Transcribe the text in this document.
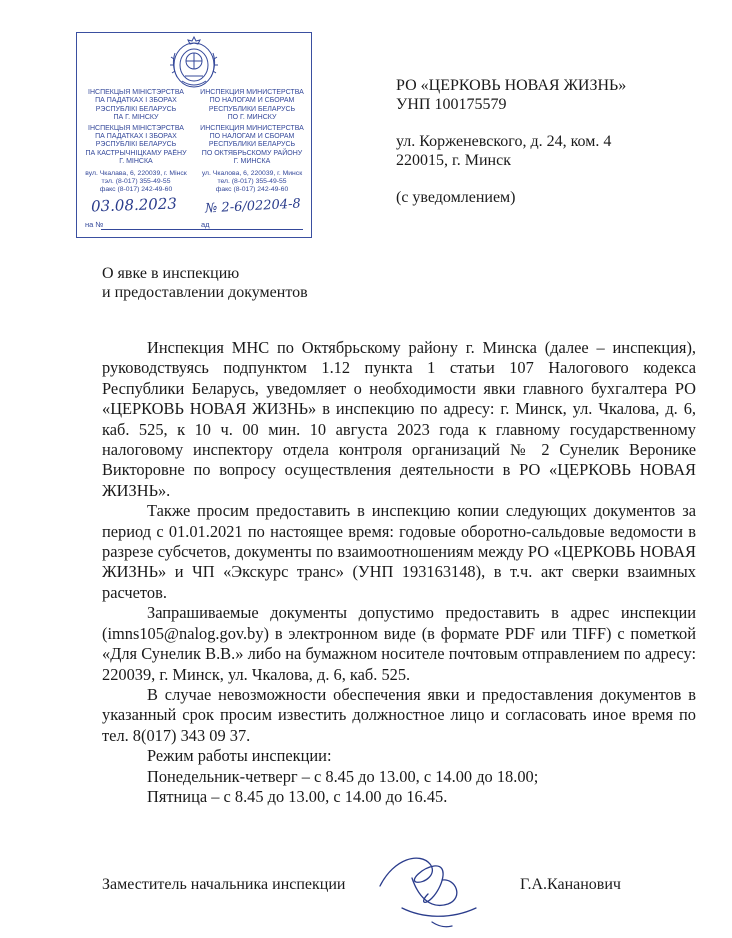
ІНСПЕКЦЫЯ МІНІСТЭРСТВА
ПА ПАДАТКАХ І ЗБОРАХ
РЭСПУБЛІКІ БЕЛАРУСЬ
ПА Г. МІНСКУ
ІНСПЕКЦЫЯ МІНІСТЭРСТВА
ПА ПАДАТКАХ І ЗБОРАХ
РЭСПУБЛІКІ БЕЛАРУСЬ
ПА КАСТРЫЧНІЦКАМУ РАЁНУ
Г. МІНСКА
вул. Чкалава, 6, 220039, г. Мінск
тэл. (8-017) 355-49-55
факс (8-017) 242-49-60
ИНСПЕКЦИЯ МИНИСТЕРСТВА
ПО НАЛОГАМ И СБОРАМ
РЕСПУБЛИКИ БЕЛАРУСЬ
ПО Г. МИНСКУ
ИНСПЕКЦИЯ МИНИСТЕРСТВА
ПО НАЛОГАМ И СБОРАМ
РЕСПУБЛИКИ БЕЛАРУСЬ
ПО ОКТЯБРЬСКОМУ РАЙОНУ
Г. МИНСКА
ул. Чкалова, 6, 220039, г. Минск
тел. (8-017) 355-49-55
факс (8-017) 242-49-60
03.08.2023 № 2-6/02204-8
на №	ад

РО «ЦЕРКОВЬ НОВАЯ ЖИЗНЬ»

УНП 100175579

ул. Корженевского, д. 24, ком. 4

220015, г. Минск

(с уведомлением)

О явке в инспекцию

и предоставлении документов

Инспекция МНС по Октябрьскому району г. Минска (далее – инспекция), руководствуясь подпунктом 1.12 пункта 1 статьи 107 Налогового кодекса Республики Беларусь, уведомляет о необходимости явки главного бухгалтера РО «ЦЕРКОВЬ НОВАЯ ЖИЗНЬ» в инспекцию по адресу: г. Минск, ул. Чкалова, д. 6, каб. 525, к 10 ч. 00 мин. 10 августа 2023 года к главному государственному налоговому инспектору отдела контроля организаций № 2 Сунелик Веронике Викторовне по вопросу осуществления деятельности в РО «ЦЕРКОВЬ НОВАЯ ЖИЗНЬ».

Также просим предоставить в инспекцию копии следующих документов за период с 01.01.2021 по настоящее время: годовые оборотно-сальдовые ведомости в разрезе субсчетов, документы по взаимоотношениям между РО «ЦЕРКОВЬ НОВАЯ ЖИЗНЬ» и ЧП «Экскурс транс» (УНП 193163148), в т.ч. акт сверки взаимных расчетов.

Запрашиваемые документы допустимо предоставить в адрес инспекции (imns105@nalog.gov.by) в электронном виде (в формате PDF или TIFF) с пометкой «Для Сунелик В.В.» либо на бумажном носителе почтовым отправлением по адресу: 220039, г. Минск, ул. Чкалова, д. 6, каб. 525.

В случае невозможности обеспечения явки и предоставления документов в указанный срок просим известить должностное лицо и согласовать иное время по тел. 8(017) 343 09 37.

Режим работы инспекции:
Понедельник-четверг – с 8.45 до 13.00, с 14.00 до 18.00;
Пятница – с 8.45 до 13.00, с 14.00 до 16.45.
Заместитель начальника инспекции	Г.А.Кананович
